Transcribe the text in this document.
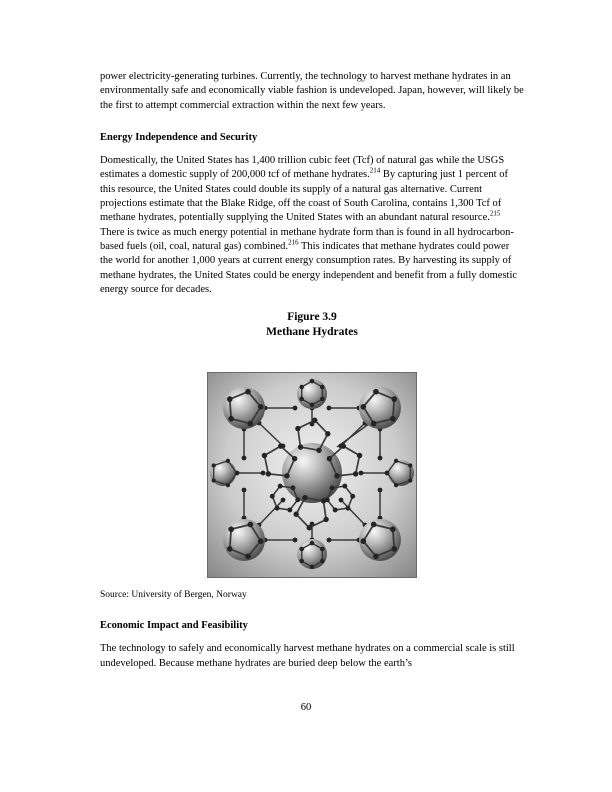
power electricity-generating turbines. Currently, the technology to harvest methane hydrates in an environmentally safe and economically viable fashion is undeveloped. Japan, however, will likely be the first to attempt commercial extraction within the next few years.

Energy Independence and Security

Domestically, the United States has 1,400 trillion cubic feet (Tcf) of natural gas while the USGS estimates a domestic supply of 200,000 tcf of methane hydrates.$^{214}$ By capturing just 1 percent of this resource, the United States could double its supply of a natural gas alternative. Current projections estimate that the Blake Ridge, off the coast of South Carolina, contains 1,300 Tcf of methane hydrates, potentially supplying the United States with an abundant natural resource.$^{215}$ There is twice as much energy potential in methane hydrate form than is found in all hydrocarbon-based fuels (oil, coal, natural gas) combined.$^{216}$ This indicates that methane hydrates could power the world for another 1,000 years at current energy consumption rates. By harvesting its supply of methane hydrates, the United States could be energy independent and benefit from a fully domestic energy source for decades.

Figure 3.9
Methane Hydrates

Source: University of Bergen, Norway

Economic Impact and Feasibility

The technology to safely and economically harvest methane hydrates on a commercial scale is still undeveloped. Because methane hydrates are buried deep below the earth’s

60
